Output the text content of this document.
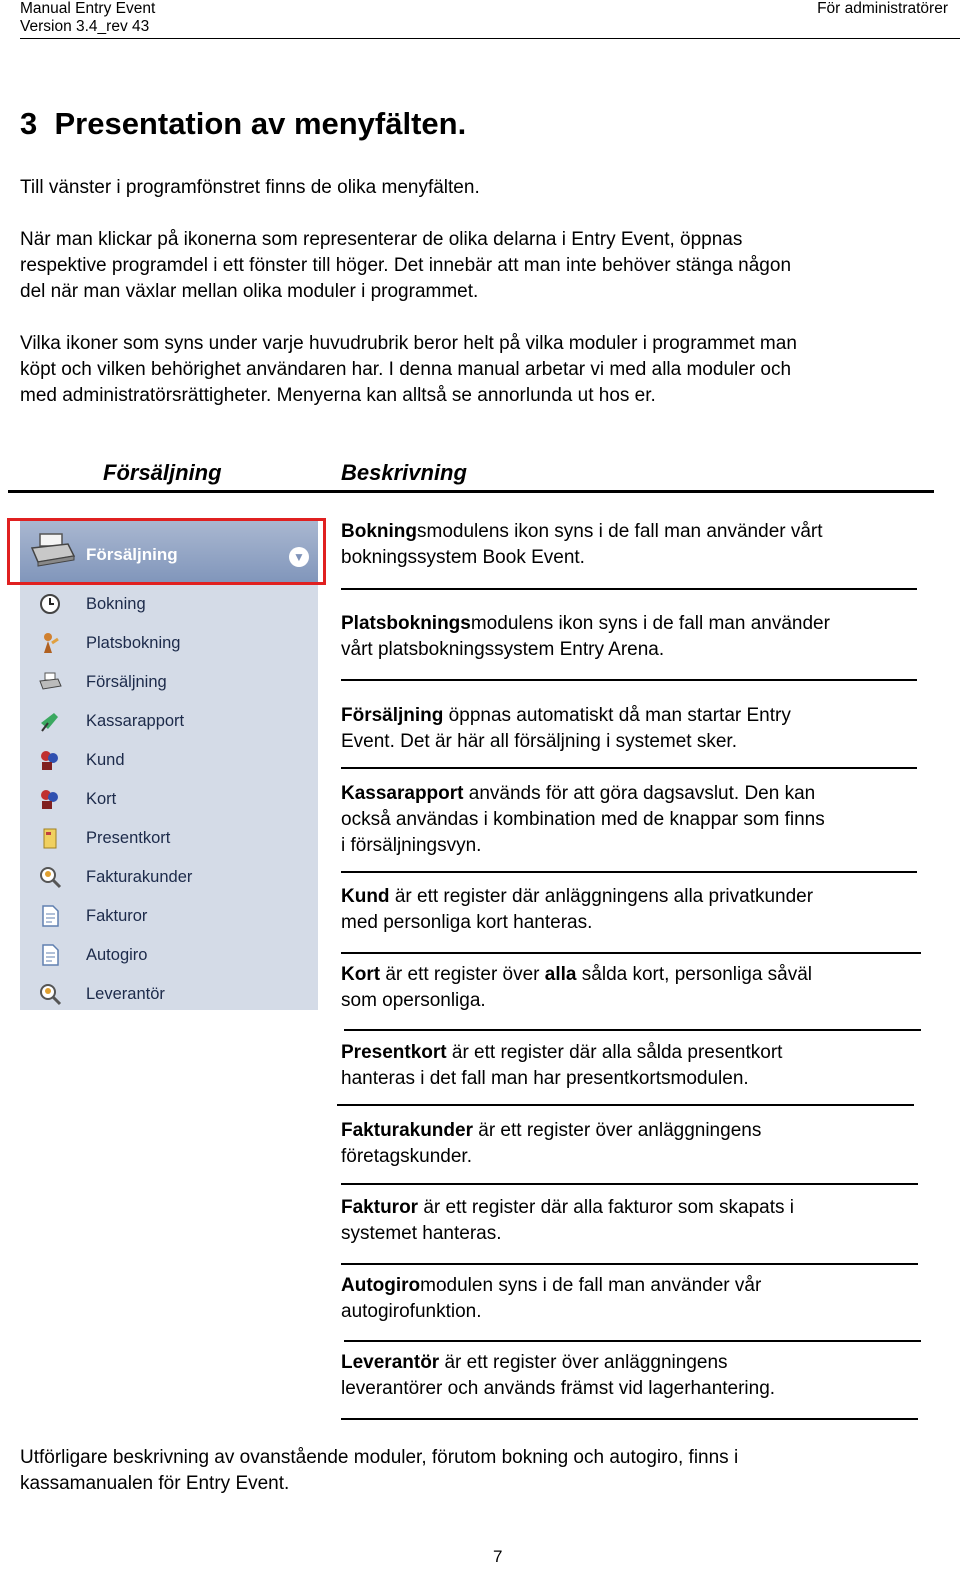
Manual Entry Event
Version 3.4_rev 43
För administratörer
3  Presentation av menyfälten.
Till vänster i programfönstret finns de olika menyfälten.
När man klickar på ikonerna som representerar de olika delarna i Entry Event, öppnas
respektive programdel i ett fönster till höger. Det innebär att man inte behöver stänga någon
del när man växlar mellan olika moduler i programmet.
Vilka ikoner som syns under varje huvudrubrik beror helt på vilka moduler i programmet man
köpt och vilken behörighet användaren har. I denna manual arbetar vi med alla moduler och
med administratörsrättigheter. Menyerna kan alltså se annorlunda ut hos er.
Försäljning	Beskrivning
Försäljning	▼
Bokning
Platsbokning
Försäljning
Kassarapport
Kund
Kort
Presentkort
Fakturakunder
Fakturor
Autogiro
Leverantör
Bokningsmodulens ikon syns i de fall man använder vårt
bokningssystem Book Event.
Platsbokningsmodulens ikon syns i de fall man använder
vårt platsbokningssystem Entry Arena.
Försäljning öppnas automatiskt då man startar Entry
Event. Det är här all försäljning i systemet sker.
Kassarapport används för att göra dagsavslut. Den kan
också användas i kombination med de knappar som finns
i försäljningsvyn.
Kund är ett register där anläggningens alla privatkunder
med personliga kort hanteras.
Kort är ett register över alla sålda kort, personliga såväl
som opersonliga.
Presentkort är ett register där alla sålda presentkort
hanteras i det fall man har presentkortsmodulen.
Fakturakunder är ett register över anläggningens
företagskunder.
Fakturor är ett register där alla fakturor som skapats i
systemet hanteras.
Autogiromodulen syns i de fall man använder vår
autogirofunktion.
Leverantör är ett register över anläggningens
leverantörer och används främst vid lagerhantering.
Utförligare beskrivning av ovanstående moduler, förutom bokning och autogiro, finns i
kassamanualen för Entry Event.
7
